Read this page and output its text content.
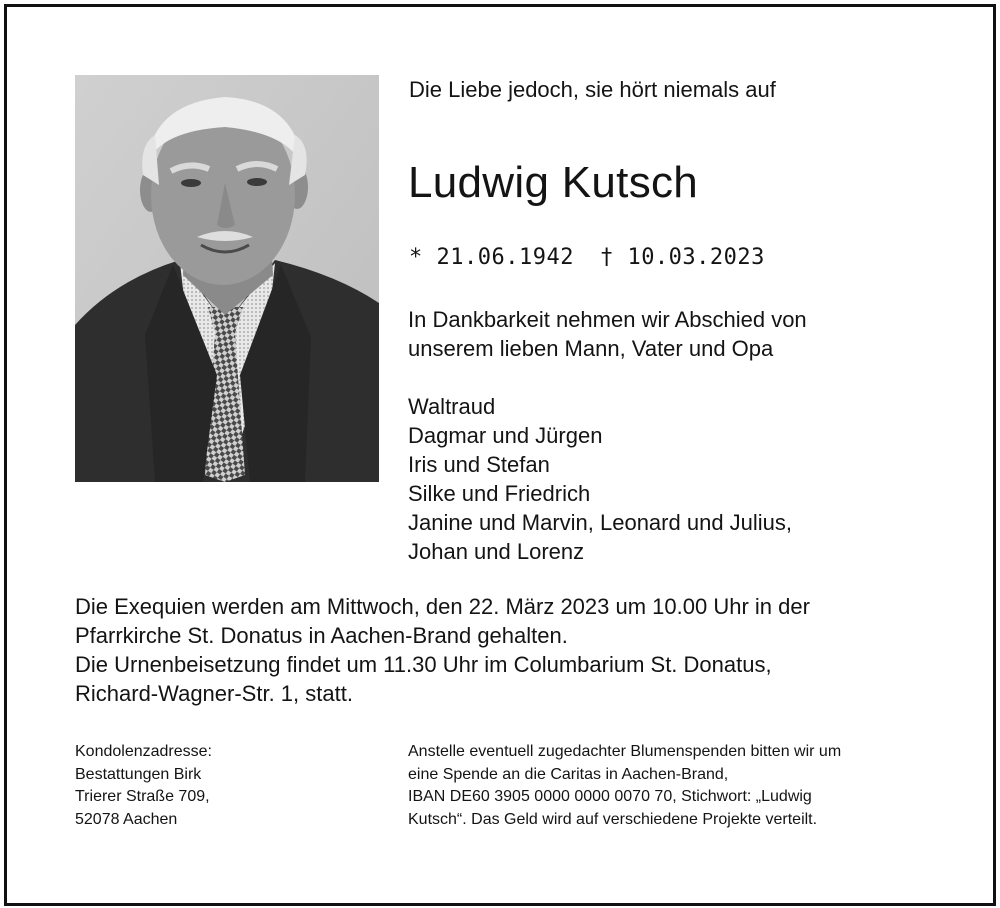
Die Liebe jedoch, sie hört niemals auf
Ludwig Kutsch
* 21.06.1942 † 10.03.2023
In Dankbarkeit nehmen wir Abschied von
unserem lieben Mann, Vater und Opa
Waltraud
Dagmar und Jürgen
Iris und Stefan
Silke und Friedrich
Janine und Marvin, Leonard und Julius,
Johan und Lorenz
Die Exequien werden am Mittwoch, den 22. März 2023 um 10.00 Uhr in der
Pfarrkirche St. Donatus in Aachen-Brand gehalten.
Die Urnenbeisetzung findet um 11.30 Uhr im Columbarium St. Donatus,
Richard-Wagner-Str. 1, statt.
Kondolenzadresse:
Bestattungen Birk
Trierer Straße 709,
52078 Aachen
Anstelle eventuell zugedachter Blumenspenden bitten wir um
eine Spende an die Caritas in Aachen-Brand,
IBAN DE60 3905 0000 0000 0070 70, Stichwort: „Ludwig
Kutsch“. Das Geld wird auf verschiedene Projekte verteilt.
